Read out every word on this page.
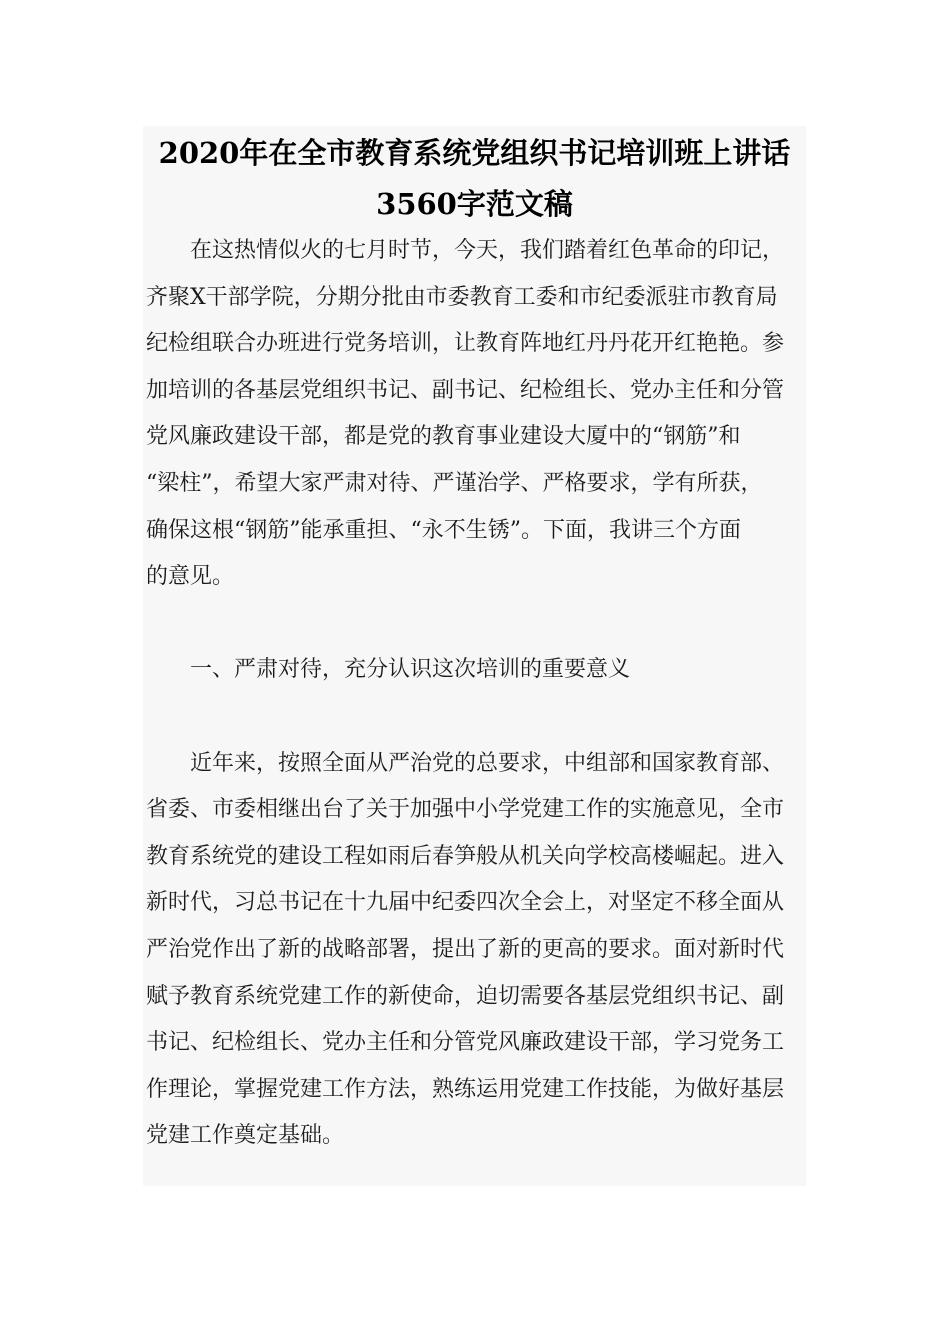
2020年在全市教育系统党组织书记培训班上讲话
3560字范文稿
在这热情似火的七月时节，今天，我们踏着红色革命的印记，
齐聚X干部学院，分期分批由市委教育工委和市纪委派驻市教育局
纪检组联合办班进行党务培训，让教育阵地红丹丹花开红艳艳。参
加培训的各基层党组织书记、副书记、纪检组长、党办主任和分管
党风廉政建设干部，都是党的教育事业建设大厦中的“钢筋”和
“梁柱”，希望大家严肃对待、严谨治学、严格要求，学有所获，
确保这根“钢筋”能承重担、“永不生锈”。下面，我讲三个方面
的意见。
一、严肃对待，充分认识这次培训的重要意义
近年来，按照全面从严治党的总要求，中组部和国家教育部、
省委、市委相继出台了关于加强中小学党建工作的实施意见，全市
教育系统党的建设工程如雨后春笋般从机关向学校高楼崛起。进入
新时代，习总书记在十九届中纪委四次全会上，对坚定不移全面从
严治党作出了新的战略部署，提出了新的更高的要求。面对新时代
赋予教育系统党建工作的新使命，迫切需要各基层党组织书记、副
书记、纪检组长、党办主任和分管党风廉政建设干部，学习党务工
作理论，掌握党建工作方法，熟练运用党建工作技能，为做好基层
党建工作奠定基础。
